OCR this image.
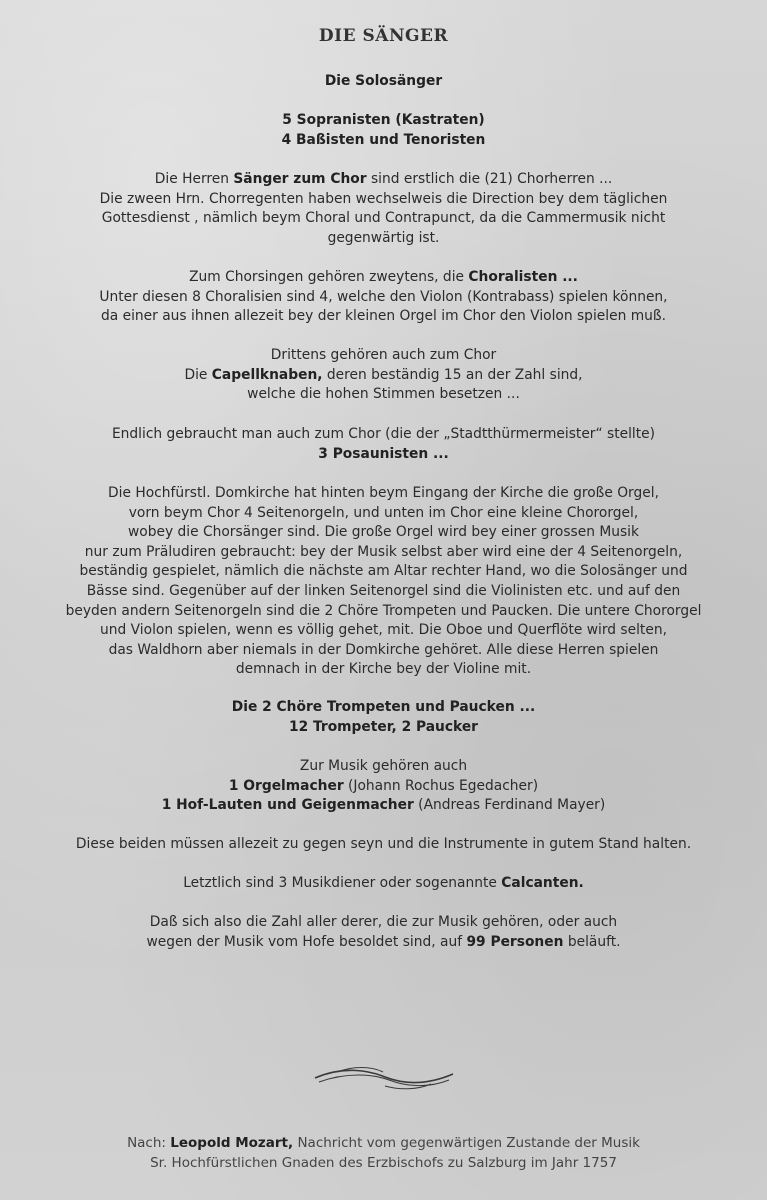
DIE SÄNGER
Die Solosänger
5 Sopranisten (Kastraten)
4 Baßisten und Tenoristen
Die Herren Sänger zum Chor sind erstlich die (21) Chorherren ...
Die zween Hrn. Chorregenten haben wechselweis die Direction bey dem täglichen
Gottesdienst , nämlich beym Choral und Contrapunct, da die Cammermusik nicht
gegenwärtig ist.
Zum Chorsingen gehören zweytens, die Choralisten ...
Unter diesen 8 Choralisien sind 4, welche den Violon (Kontrabass) spielen können,
da einer aus ihnen allezeit bey der kleinen Orgel im Chor den Violon spielen muß.
Drittens gehören auch zum Chor
Die Capellknaben, deren beständig 15 an der Zahl sind,
welche die hohen Stimmen besetzen ...
Endlich gebraucht man auch zum Chor (die der „Stadtthürmermeister“ stellte)
3 Posaunisten ...
Die Hochfürstl. Domkirche hat hinten beym Eingang der Kirche die große Orgel,
vorn beym Chor 4 Seitenorgeln, und unten im Chor eine kleine Chororgel,
wobey die Chorsänger sind. Die große Orgel wird bey einer grossen Musik
nur zum Präludiren gebraucht: bey der Musik selbst aber wird eine der 4 Seitenorgeln,
beständig gespielet, nämlich die nächste am Altar rechter Hand, wo die Solosänger und
Bässe sind. Gegenüber auf der linken Seitenorgel sind die Violinisten etc. und auf den
beyden andern Seitenorgeln sind die 2 Chöre Trompeten und Paucken. Die untere Chororgel
und Violon spielen, wenn es völlig gehet, mit. Die Oboe und Querflöte wird selten,
das Waldhorn aber niemals in der Domkirche gehöret. Alle diese Herren spielen
demnach in der Kirche bey der Violine mit.
Die 2 Chöre Trompeten und Paucken ...
12 Trompeter, 2 Paucker
Zur Musik gehören auch
1 Orgelmacher (Johann Rochus Egedacher)
1 Hof-Lauten und Geigenmacher (Andreas Ferdinand Mayer)
Diese beiden müssen allezeit zu gegen seyn und die Instrumente in gutem Stand halten.
Letztlich sind 3 Musikdiener oder sogenannte Calcanten.
Daß sich also die Zahl aller derer, die zur Musik gehören, oder auch
wegen der Musik vom Hofe besoldet sind, auf 99 Personen beläuft.
Nach: Leopold Mozart, Nachricht vom gegenwärtigen Zustande der Musik
Sr. Hochfürstlichen Gnaden des Erzbischofs zu Salzburg im Jahr 1757
